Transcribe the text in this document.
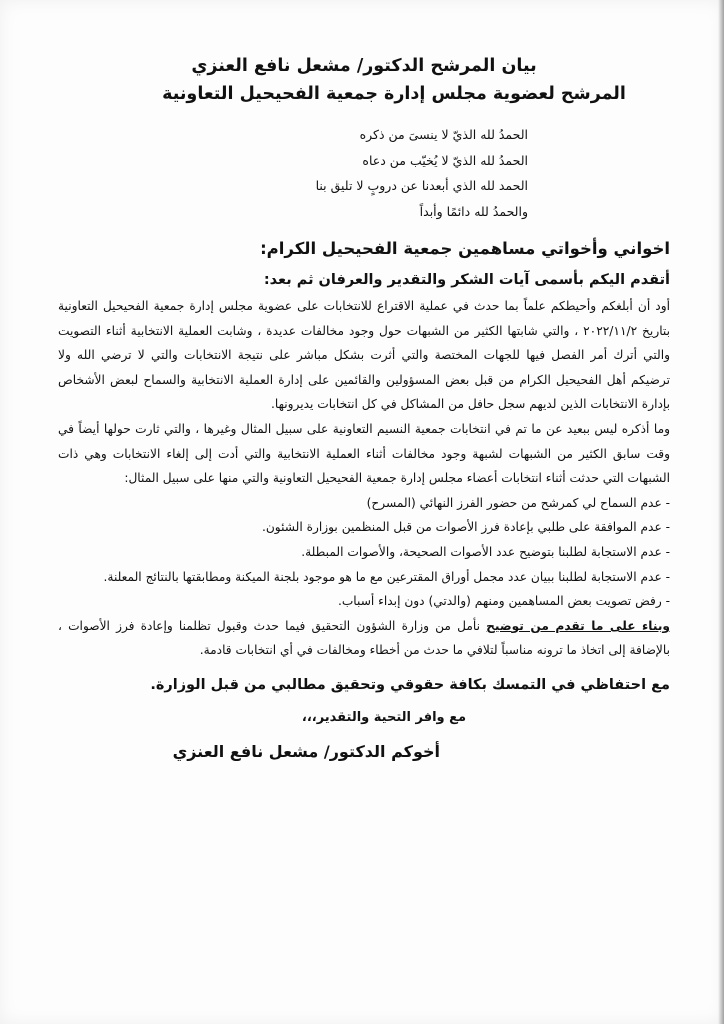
بيان المرشح الدكتور/ مشعل نافع العنزي
المرشح لعضوية مجلس إدارة جمعية الفحيحيل التعاونية
الحمدُ لله الذيّ لا ينسىَ من ذكره
الحمدُ لله الذيّ لا يُخيّب من دعاه
الحمد لله الذي أبعدنا عن دروبٍ لا تليق بنا
والحمدُ لله دائمًا وأبداً
اخواني وأخواتي مساهمين جمعية الفحيحيل الكرام:
أتقدم اليكم بأسمى آيات الشكر والتقدير والعرفان ثم بعد:

أود أن أبلغكم وأحيطكم علماً بما حدث في عملية الاقتراع للانتخابات على عضوية مجلس إدارة جمعية الفحيحيل التعاونية بتاريخ ٢٠٢٢/١١/٢ ، والتي شابتها الكثير من الشبهات حول وجود مخالفات عديدة ، وشابت العملية الانتخابية أثناء التصويت والتي أترك أمر الفصل فيها للجهات المختصة والتي أثرت بشكل مباشر على نتيجة الانتخابات والتي لا ترضي الله ولا ترضيكم أهل الفحيحيل الكرام من قبل بعض المسؤولين والقائمين على إدارة العملية الانتخابية والسماح لبعض الأشخاص بإدارة الانتخابات الذين لديهم سجل حافل من المشاكل في كل انتخابات يديرونها.

وما أذكره ليس ببعيد عن ما تم في انتخابات جمعية النسيم التعاونية على سبيل المثال وغيرها ، والتي ثارت حولها أيضاً في وقت سابق الكثير من الشبهات لشبهة وجود مخالفات أثناء العملية الانتخابية والتي أدت إلى إلغاء الانتخابات وهي ذات الشبهات التي حدثت أثناء انتخابات أعضاء مجلس إدارة جمعية الفحيحيل التعاونية والتي منها على سبيل المثال:

- عدم السماح لي كمرشح من حضور الفرز النهائي (المسرح)
- عدم الموافقة على طلبي بإعادة فرز الأصوات من قبل المنظمين بوزارة الشئون.
- عدم الاستجابة لطلبنا بتوضيح عدد الأصوات الصحيحة، والأصوات المبطلة.
- عدم الاستجابة لطلبنا ببيان عدد مجمل أوراق المقترعين مع ما هو موجود بلجنة الميكنة ومطابقتها بالنتائج المعلنة.
- رفض تصويت بعض المساهمين ومنهم (والدتي) دون إبداء أسباب.
وبناء على ما تقدم من توضيح نأمل من وزارة الشؤون التحقيق فيما حدث وقبول تظلمنا وإعادة فرز الأصوات ، بالإضافة إلى اتخاذ ما ترونه مناسباً لتلافي ما حدث من أخطاء ومخالفات في أي انتخابات قادمة.
مع احتفاظي في التمسك بكافة حقوقي وتحقيق مطالبي من قبل الوزارة.
مع وافر التحية والتقدير،،،
أخوكم الدكتور/ مشعل نافع العنزي
